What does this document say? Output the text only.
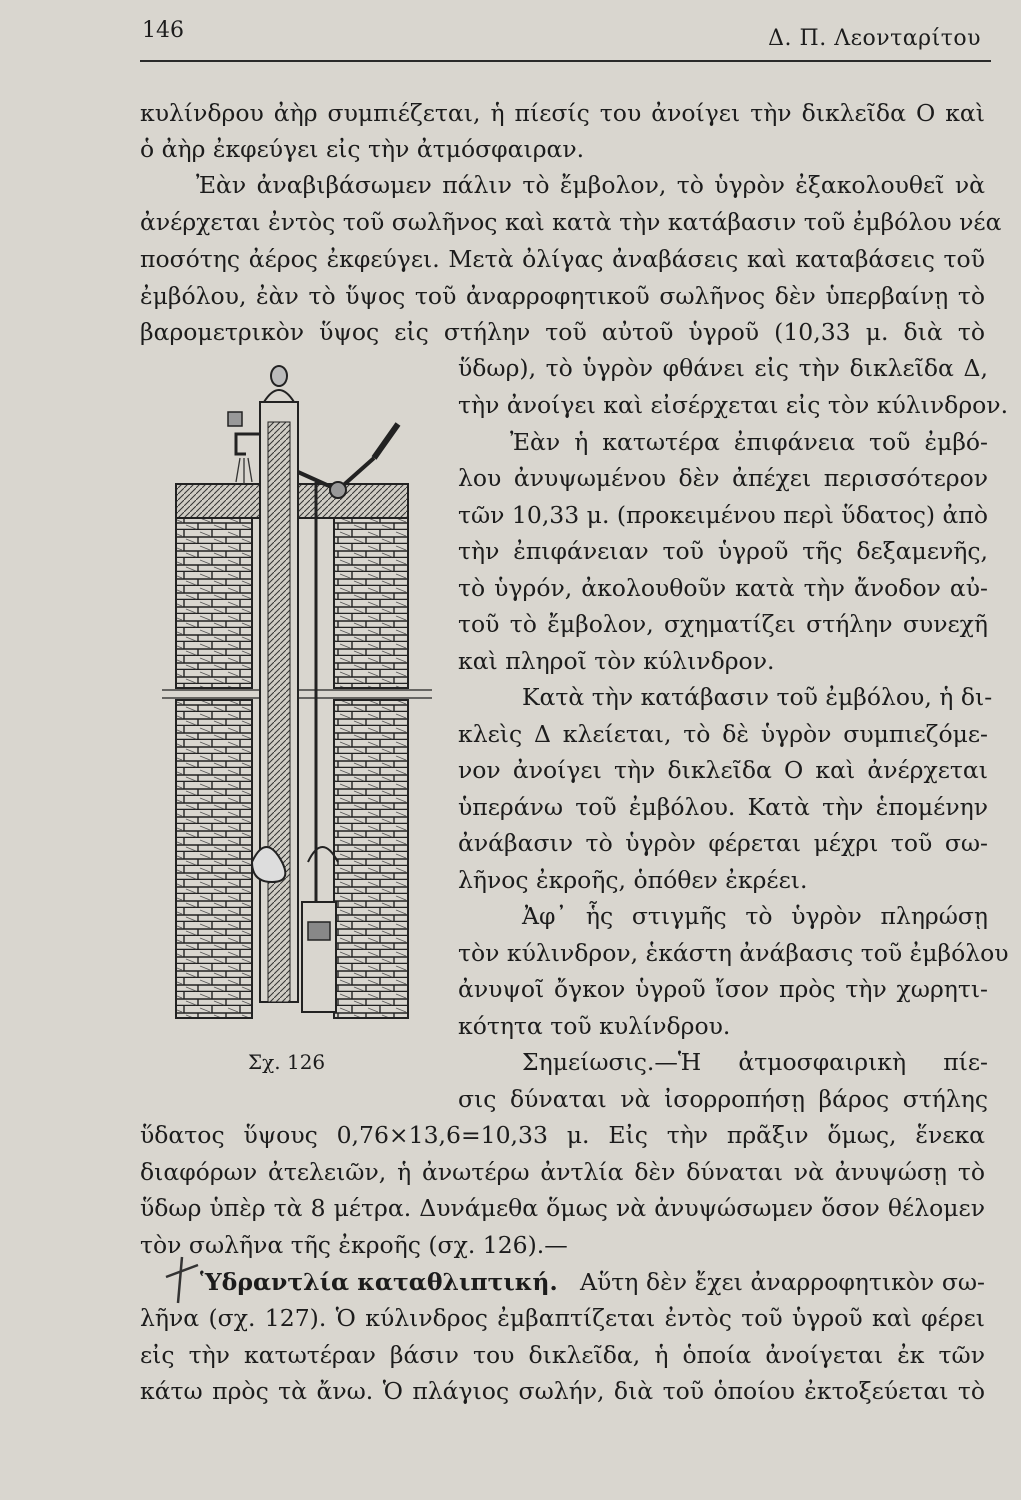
146	Δ. Π. Λεονταρίτου
κυλίνδρου ἀὴρ συμπιέζεται, ἡ πίεσίς του ἀνοίγει τὴν δικλεῖδα Ο καὶ
ὁ ἀὴρ ἐκφεύγει εἰς τὴν ἀτμόσφαιραν.
Ἐὰν ἀναβιβάσωμεν πάλιν τὸ ἔμβολον, τὸ ὑγρὸν ἐξακολουθεῖ νὰ
ἀνέρχεται ἐντὸς τοῦ σωλῆνος καὶ κατὰ τὴν κατάβασιν τοῦ ἐμβόλου νέα
ποσότης ἀέρος ἐκφεύγει. Μετὰ ὀλίγας ἀναβάσεις καὶ καταβάσεις τοῦ
ἐμβόλου, ἐὰν τὸ ὕψος τοῦ ἀναρροφητικοῦ σωλῆνος δὲν ὑπερβαίνῃ τὸ
βαρομετρικὸν ὕψος εἰς στήλην τοῦ αὐτοῦ ὑγροῦ (10,33 μ. διὰ τὸ
ὕδωρ), τὸ ὑγρὸν φθάνει εἰς τὴν δικλεῖδα Δ,
τὴν ἀνοίγει καὶ εἰσέρχεται εἰς τὸν κύλινδρον.
Ἐὰν ἡ κατωτέρα ἐπιφάνεια τοῦ ἐμβό-
λου ἀνυψωμένου δὲν ἀπέχει περισσότερον
τῶν 10,33 μ. (προκειμένου περὶ ὕδατος) ἀπὸ
τὴν ἐπιφάνειαν τοῦ ὑγροῦ τῆς δεξαμενῆς,
τὸ ὑγρόν, ἀκολουθοῦν κατὰ τὴν ἄνοδον αὐ-
τοῦ τὸ ἔμβολον, σχηματίζει στήλην συνεχῆ
καὶ πληροῖ τὸν κύλινδρον.
Κατὰ τὴν κατάβασιν τοῦ ἐμβόλου, ἡ δι-
κλεὶς Δ κλείεται, τὸ δὲ ὑγρὸν συμπιεζόμε-
νον ἀνοίγει τὴν δικλεῖδα Ο καὶ ἀνέρχεται
ὑπεράνω τοῦ ἐμβόλου. Κατὰ τὴν ἑπομένην
ἀνάβασιν τὸ ὑγρὸν φέρεται μέχρι τοῦ σω-
λῆνος ἐκροῆς, ὁπόθεν ἐκρέει.
Ἀφ᾽ ἧς στιγμῆς τὸ ὑγρὸν πληρώσῃ
τὸν κύλινδρον, ἑκάστη ἀνάβασις τοῦ ἐμβόλου
ἀνυψοῖ ὄγκον ὑγροῦ ἴσον πρὸς τὴν χωρητι-
κότητα τοῦ κυλίνδρου.
Σημείωσις.—Ἡ ἀτμοσφαιρικὴ πίε-
σις δύναται νὰ ἰσορροπήσῃ βάρος στήλης
ὕδατος ὕψους 0,76×13,6=10,33 μ. Εἰς τὴν πρᾶξιν ὅμως, ἕνεκα
διαφόρων ἀτελειῶν, ἡ ἀνωτέρω ἀντλία δὲν δύναται νὰ ἀνυψώσῃ τὸ
ὕδωρ ὑπὲρ τὰ 8 μέτρα. Δυνάμεθα ὅμως νὰ ἀνυψώσωμεν ὅσον θέλομεν
τὸν σωλῆνα τῆς ἐκροῆς (σχ. 126).—
Ὑδραντλία καταθλιπτική. Αὕτη δὲν ἔχει ἀναρροφητικὸν σω-
λῆνα (σχ. 127). Ὁ κύλινδρος ἐμβαπτίζεται ἐντὸς τοῦ ὑγροῦ καὶ φέρει
εἰς τὴν κατωτέραν βάσιν του δικλεῖδα, ἡ ὁποία ἀνοίγεται ἐκ τῶν
κάτω πρὸς τὰ ἄνω. Ὁ πλάγιος σωλήν, διὰ τοῦ ὁποίου ἐκτοξεύεται τὸ
Σχ. 126
